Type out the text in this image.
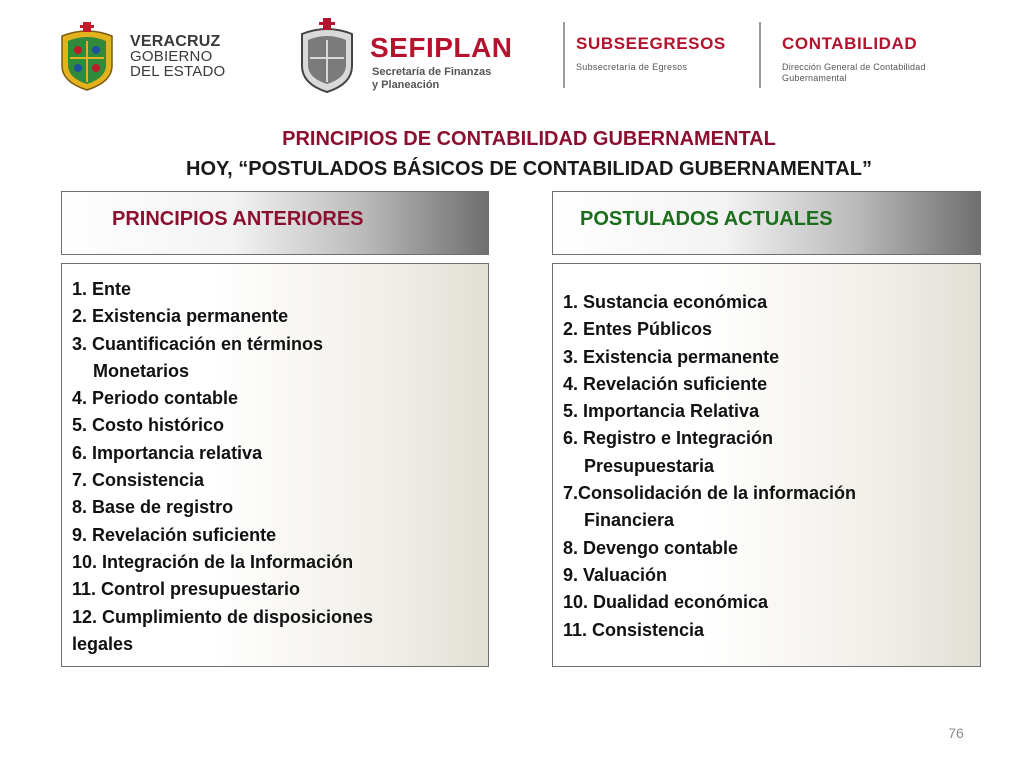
VERACRUZ
GOBIERNO
DEL ESTADO
SEFIPLAN
Secretaría de Finanzas
y Planeación
SUBSEEGRESOS
Subsecretaría de Egresos
CONTABILIDAD
Dirección General de Contabilidad
Gubernamental
PRINCIPIOS DE CONTABILIDAD GUBERNAMENTAL
HOY, “POSTULADOS BÁSICOS DE CONTABILIDAD GUBERNAMENTAL”
PRINCIPIOS ANTERIORES	POSTULADOS ACTUALES
1. Ente
2. Existencia permanente
3. Cuantificación en términos
Monetarios
4. Periodo contable
5. Costo histórico
6. Importancia relativa
7. Consistencia
8. Base de registro
9. Revelación suficiente
10. Integración de la Información
11. Control presupuestario
12. Cumplimiento de disposiciones
legales
1. Sustancia económica
2. Entes Públicos
3. Existencia permanente
4. Revelación suficiente
5. Importancia Relativa
6. Registro e Integración
Presupuestaria
7.Consolidación de la información
Financiera
8. Devengo contable
9. Valuación
10. Dualidad económica
11. Consistencia
76
